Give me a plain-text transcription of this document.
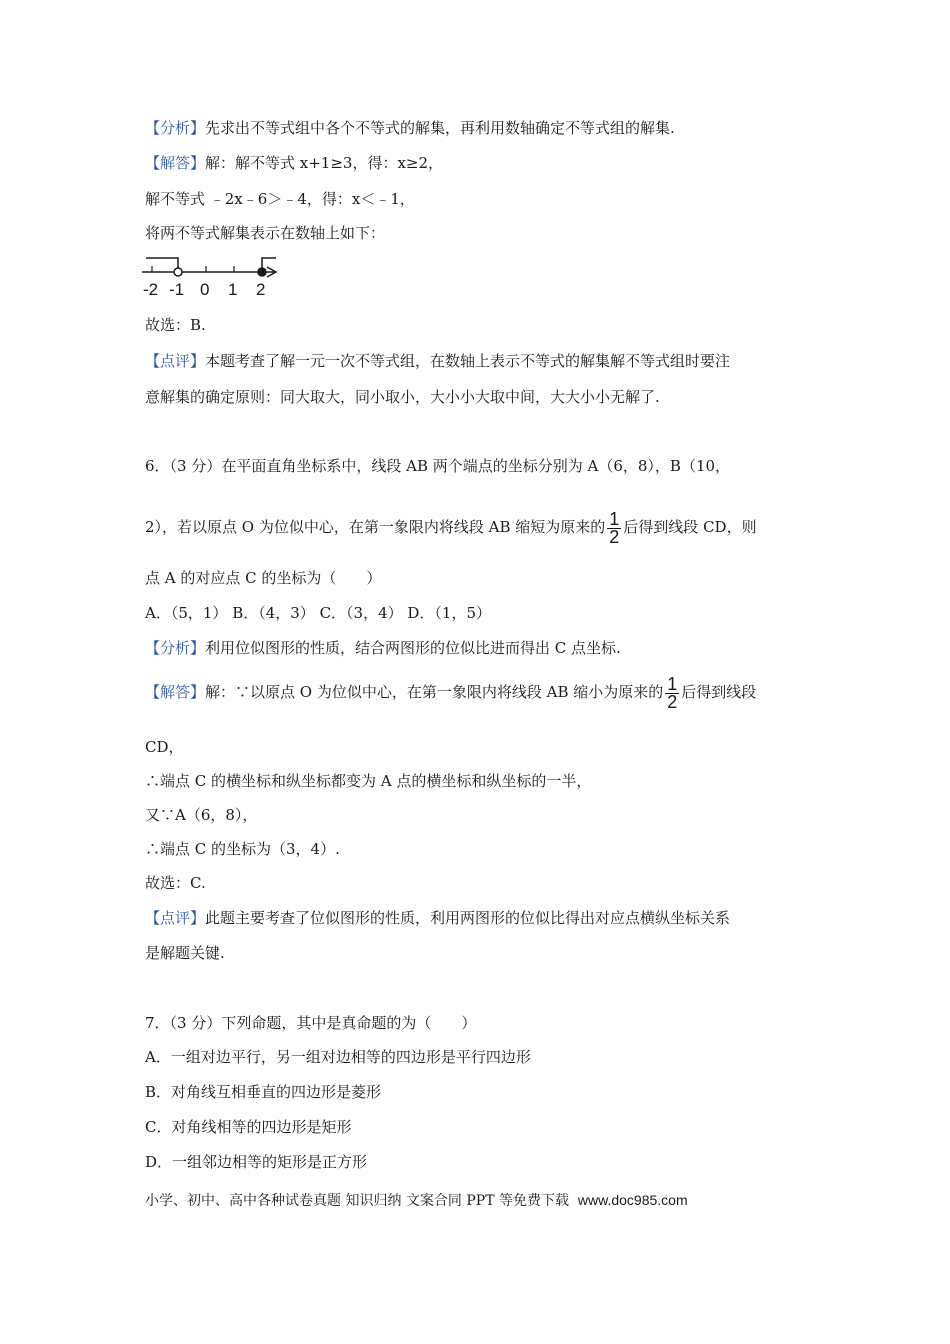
【分析】先求出不等式组中各个不等式的解集，再利用数轴确定不等式组的解集.
【解答】解：解不等式 x+1≥3，得：x≥2，
解不等式 ﹣2x﹣6＞﹣4，得：x＜﹣1，
将两不等式解集表示在数轴上如下：
-2 -1 0 1 2
故选：B.
【点评】本题考查了解一元一次不等式组，在数轴上表示不等式的解集解不等式组时要注
意解集的确定原则：同大取大，同小取小，大小小大取中间，大大小小无解了.
6．（3 分）在平面直角坐标系中，线段 AB 两个端点的坐标分别为 A（6，8），B（10，
2），若以原点 O 为位似中心，在第一象限内将线段 AB 缩短为原来的 $\frac{1}{2}$ 后得到线段 CD，则
点 A 的对应点 C 的坐标为（　　）
A．（5，1） B．（4，3） C．（3，4） D．（1，5）
【分析】利用位似图形的性质，结合两图形的位似比进而得出 C 点坐标.
【解答】解：∵以原点 O 为位似中心，在第一象限内将线段 AB 缩小为原来的 $\frac{1}{2}$ 后得到线段
CD，
∴端点 C 的横坐标和纵坐标都变为 A 点的横坐标和纵坐标的一半，
又∵A（6，8），
∴端点 C 的坐标为（3，4）.
故选：C.
【点评】此题主要考查了位似图形的性质，利用两图形的位似比得出对应点横纵坐标关系
是解题关键.
7．（3 分）下列命题，其中是真命题的为（　　）
A．一组对边平行，另一组对边相等的四边形是平行四边形
B．对角线互相垂直的四边形是菱形
C．对角线相等的四边形是矩形
D．一组邻边相等的矩形是正方形
小学、初中、高中各种试卷真题 知识归纳 文案合同 PPT 等免费下载 www.doc985.com
